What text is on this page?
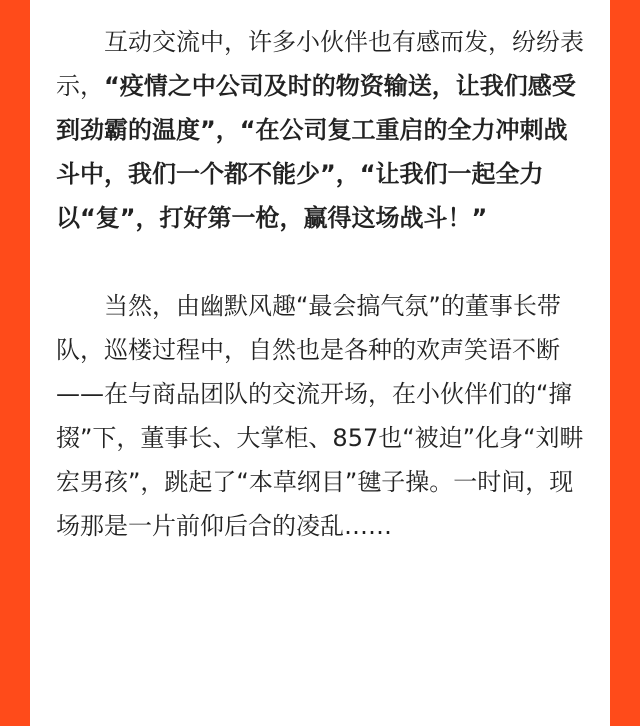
互动交流中，许多小伙伴也有感而发，纷纷表示，“疫情之中公司及时的物资输送，让我们感受到劲霸的温度”，“在公司复工重启的全力冲刺战斗中，我们一个都不能少”，“让我们一起全力以“复”，打好第一枪，赢得这场战斗！”

当然，由幽默风趣“最会搞气氛”的董事长带队，巡楼过程中，自然也是各种的欢声笑语不断——在与商品团队的交流开场，在小伙伴们的“撺掇”下，董事长、大掌柜、857也“被迫”化身“刘畊宏男孩”，跳起了“本草纲目”毽子操。一时间，现场那是一片前仰后合的凌乱……
